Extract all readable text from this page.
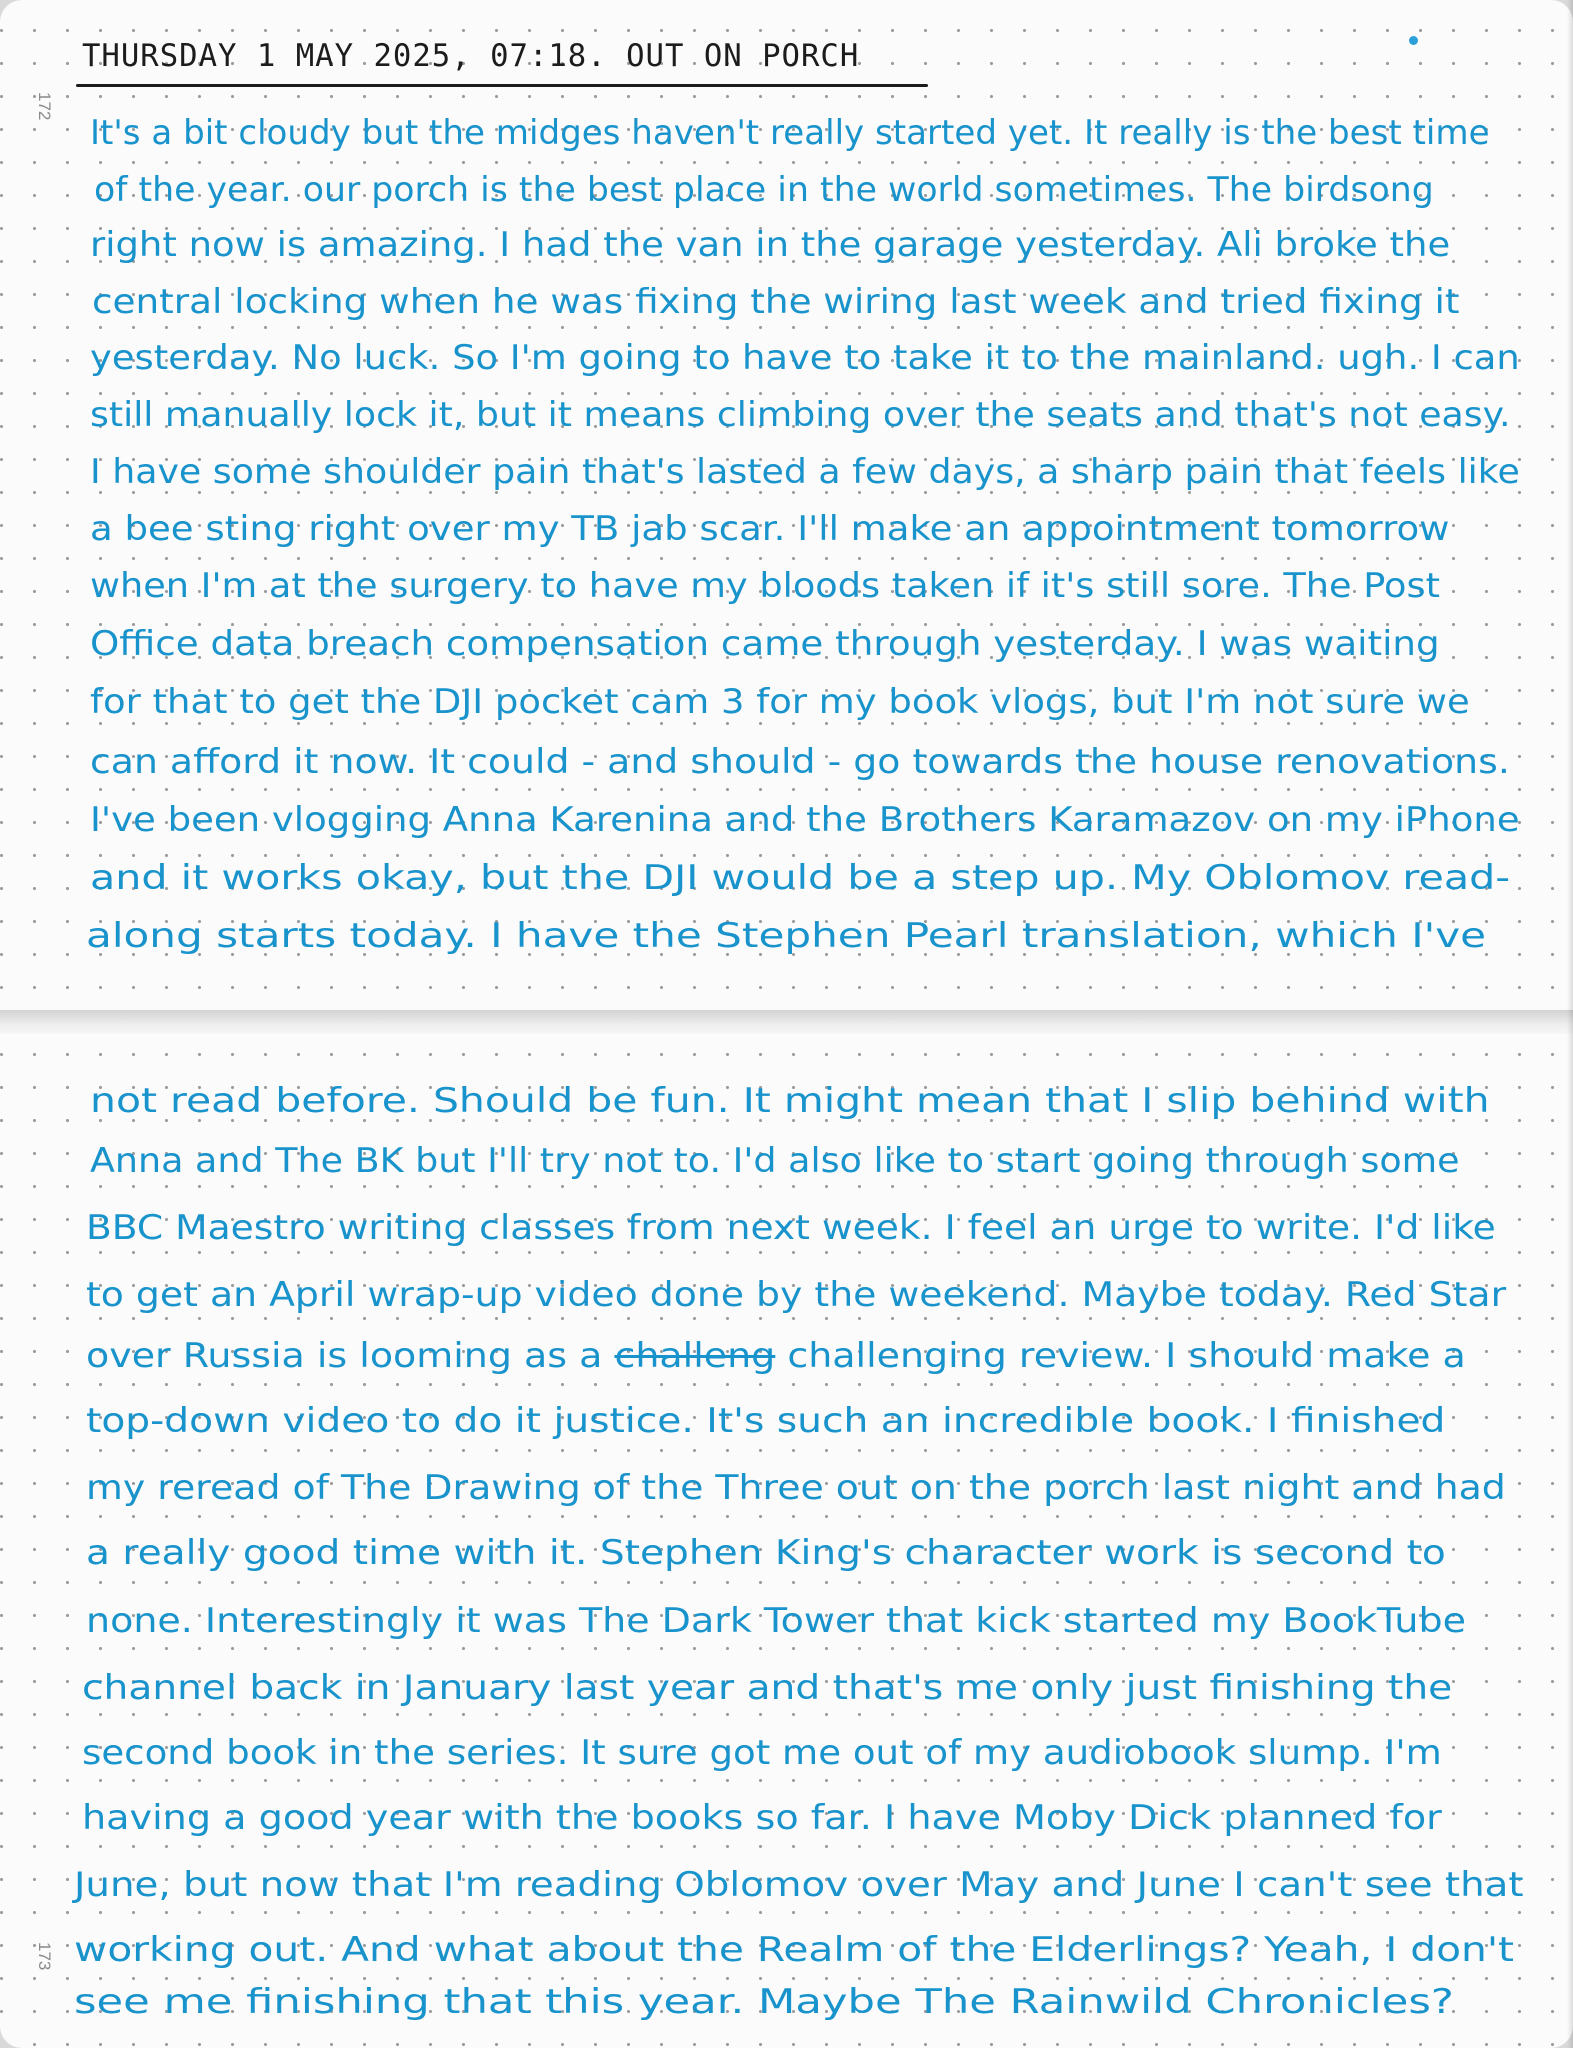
172
173
THURSDAY 1 MAY 2025, 07:18. OUT ON PORCH
It's a bit cloudy but the midges haven't really started yet. It really is the best time
of the year. our porch is the best place in the world sometimes. The birdsong
right now is amazing. I had the van in the garage yesterday. Ali broke the
central locking when he was fixing the wiring last week and tried fixing it
yesterday. No luck. So I'm going to have to take it to the mainland. ugh. I can
still manually lock it, but it means climbing over the seats and that's not easy.
I have some shoulder pain that's lasted a few days, a sharp pain that feels like
a bee sting right over my TB jab scar. I'll make an appointment tomorrow
when I'm at the surgery to have my bloods taken if it's still sore. The Post
Office data breach compensation came through yesterday. I was waiting
for that to get the DJI pocket cam 3 for my book vlogs, but I'm not sure we
can afford it now. It could - and should - go towards the house renovations.
I've been vlogging Anna Karenina and the Brothers Karamazov on my iPhone
and it works okay, but the DJI would be a step up. My Oblomov read-
along starts today. I have the Stephen Pearl translation, which I've
not read before. Should be fun. It might mean that I slip behind with
Anna and The BK but I'll try not to. I'd also like to start going through some
BBC Maestro writing classes from next week. I feel an urge to write. I'd like
to get an April wrap-up video done by the weekend. Maybe today. Red Star
over Russia is looming as a challeng challenging review. I should make a
top-down video to do it justice. It's such an incredible book. I finished
my reread of The Drawing of the Three out on the porch last night and had
a really good time with it. Stephen King's character work is second to
none. Interestingly it was The Dark Tower that kick started my BookTube
channel back in January last year and that's me only just finishing the
second book in the series. It sure got me out of my audiobook slump. I'm
having a good year with the books so far. I have Moby Dick planned for
June, but now that I'm reading Oblomov over May and June I can't see that
working out. And what about the Realm of the Elderlings? Yeah, I don't
see me finishing that this year. Maybe The Rainwild Chronicles?
